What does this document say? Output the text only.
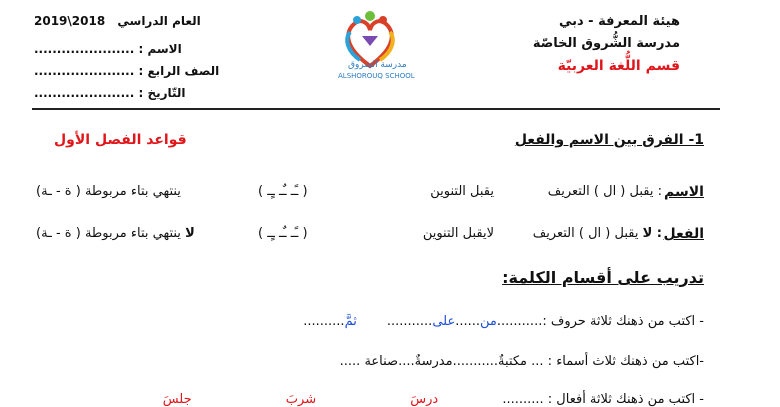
العام الدراسي 2019\2018
الاسم : ......................
الصف الرابع : ......................
التّاريخ : ......................
مدرسة الشروق
ALSHOROUQ SCHOOL
هيئة المعرفة - دبي
مدرسة الشُّروق الخاصّة
قسم اللُّغة العربيّة
1- الفرق بين الاسم والفعل
قواعد الفصل الأول
الاسم
: يقبل ( ال ) التعريف
يقبل التنوين
( ـًـ ـٌـ ـٍـ )
ينتهي بتاء مربوطة ( ة - ـة)
الفعل
: لا يقبل ( ال ) التعريف
لايقبل التنوين
( ـًـ ـٌـ ـٍـ )
لا ينتهي بتاء مربوطة ( ة - ـة)
تدريب على أقسام الكلمة:
- اكتب من ذهنك ثلاثة حروف :...........من......على...........ثمَّ..........
-اكتب من ذهنك ثلاث أسماء : ... مكتبةٌ...........مدرسةٌ....صناعة .....
- اكتب من ذهنك ثلاثة أفعال : .......... درسَ شربَ جلسَ
